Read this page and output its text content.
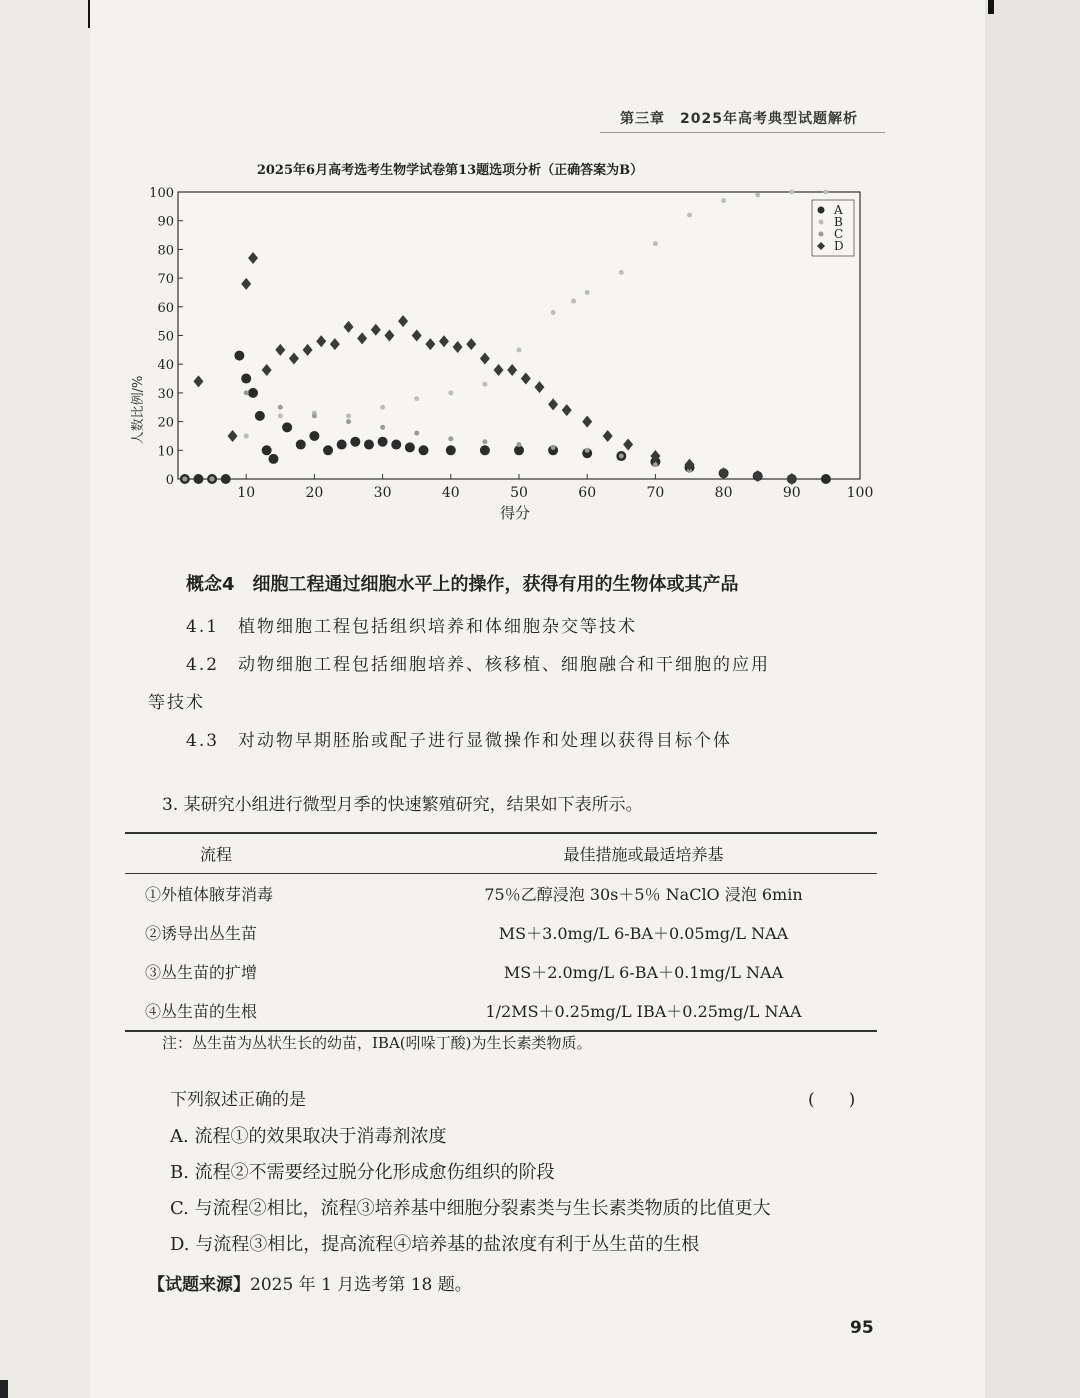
第三章　2025年高考典型试题解析
2025年6月高考选考生物学试卷第13题选项分析（正确答案为B）
10	20	30	40	50	60	70	80	90	100
0
10
20
30
40
50
60
70
80
90
100
A
B
C
D
得分
人数比例/%
概念4　细胞工程通过细胞水平上的操作，获得有用的生物体或其产品
4.1　植物细胞工程包括组织培养和体细胞杂交等技术
4.2　动物细胞工程包括细胞培养、核移植、细胞融合和干细胞的应用
等技术
4.3　对动物早期胚胎或配子进行显微操作和处理以获得目标个体
3. 某研究小组进行微型月季的快速繁殖研究，结果如下表所示。
流程	最佳措施或最适培养基
①外植体腋芽消毒	75％乙醇浸泡 30s＋5％ NaClO 浸泡 6min
②诱导出丛生苗	MS＋3.0mg/L 6-BA＋0.05mg/L NAA
③丛生苗的扩增	MS＋2.0mg/L 6-BA＋0.1mg/L NAA
④丛生苗的生根	1/2MS＋0.25mg/L IBA＋0.25mg/L NAA
注：丛生苗为丛状生长的幼苗，IBA(吲哚丁酸)为生长素类物质。
下列叙述正确的是	(　　)
A. 流程①的效果取决于消毒剂浓度
B. 流程②不需要经过脱分化形成愈伤组织的阶段
C. 与流程②相比，流程③培养基中细胞分裂素类与生长素类物质的比值更大
D. 与流程③相比，提高流程④培养基的盐浓度有利于丛生苗的生根
【试题来源】2025 年 1 月选考第 18 题。
95
